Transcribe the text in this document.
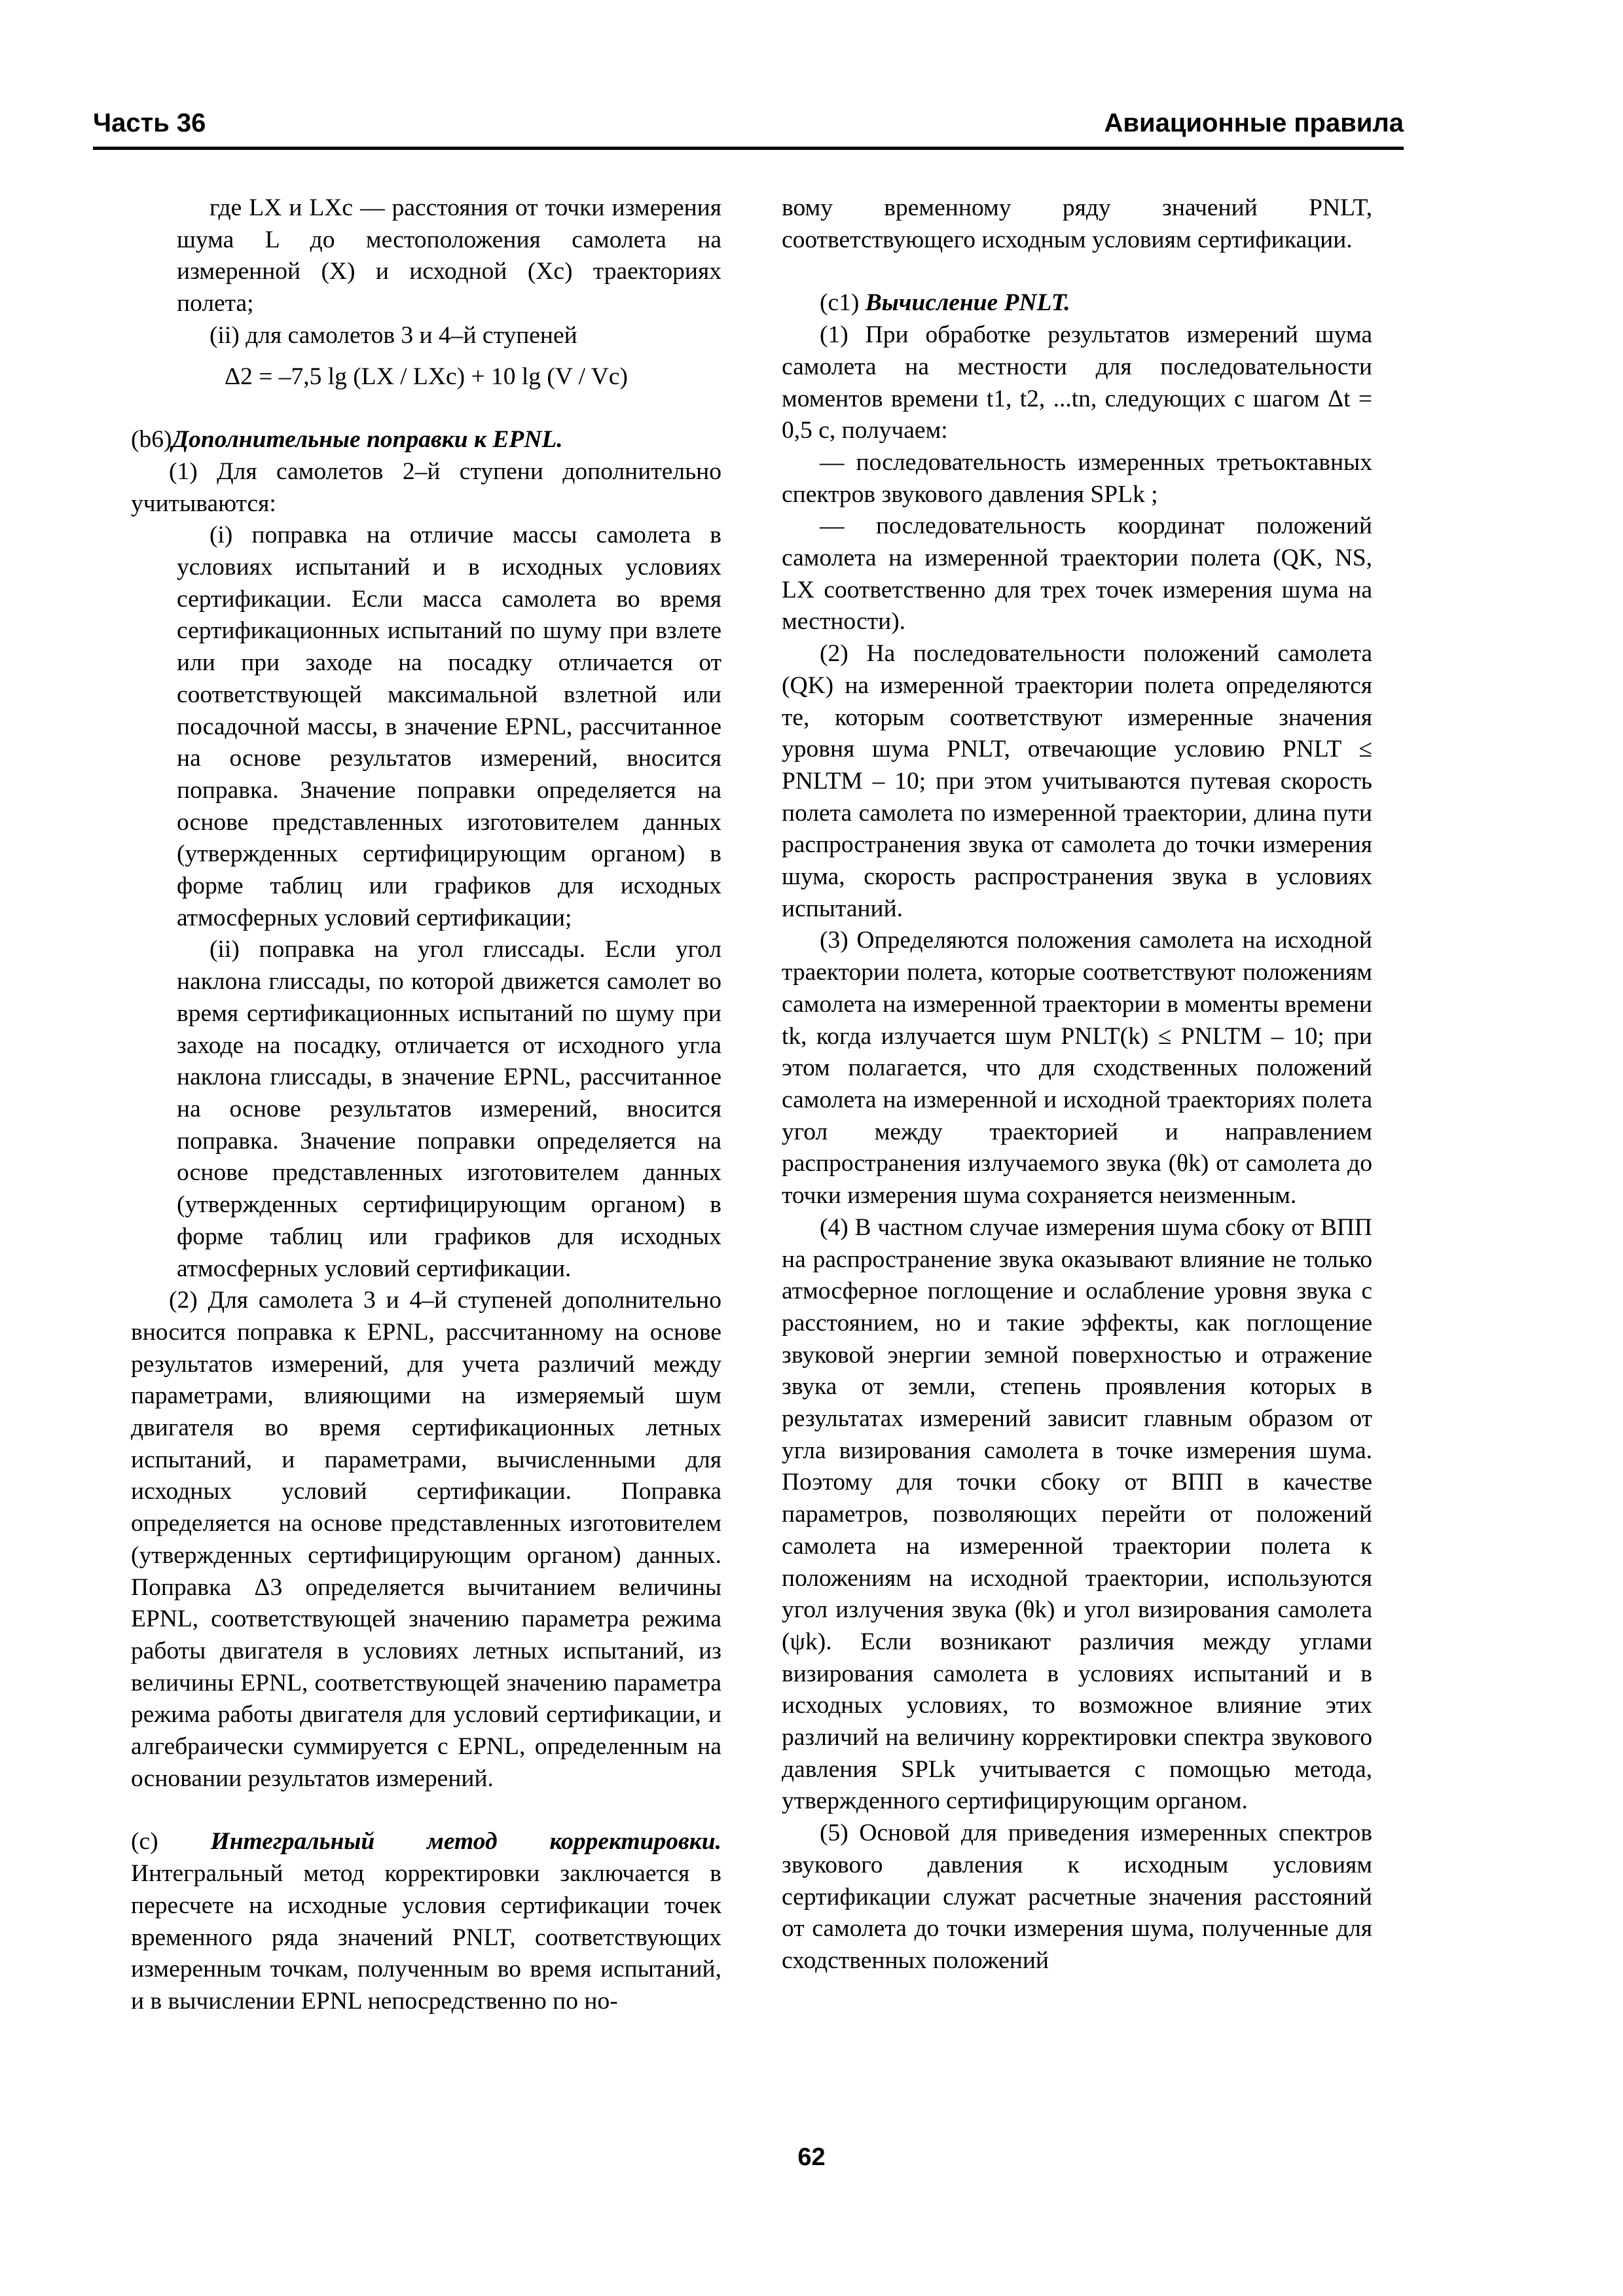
Часть 36	Авиационные правила

где LX и LXc — расстояния от точки измерения шума L до местоположения самолета на измеренной (X) и исходной (Xc) траекториях полета;

(ii) для самолетов 3 и 4–й ступеней

Δ2 = –7,5 lg (LX / LXc) + 10 lg (V / Vc)

(b6)Дополнительные поправки к EPNL.

(1) Для самолетов 2–й ступени дополнительно учитываются:

(i) поправка на отличие массы самолета в условиях испытаний и в исходных условиях сертификации. Если масса самолета во время сертификационных испытаний по шуму при взлете или при заходе на посадку отличается от соответствующей максимальной взлетной или посадочной массы, в значение EPNL, рассчитанное на основе результатов измерений, вносится поправка. Значение поправки определяется на основе представленных изготовителем данных (утвержденных сертифицирующим органом) в форме таблиц или графиков для исходных атмосферных условий сертификации;

(ii) поправка на угол глиссады. Если угол наклона глиссады, по которой движется самолет во время сертификационных испытаний по шуму при заходе на посадку, отличается от исходного угла наклона глиссады, в значение EPNL, рассчитанное на основе результатов измерений, вносится поправка. Значение поправки определяется на основе представленных изготовителем данных (утвержденных сертифицирующим органом) в форме таблиц или графиков для исходных атмосферных условий сертификации.

(2) Для самолета 3 и 4–й ступеней дополнительно вносится поправка к EPNL, рассчитанному на основе результатов измерений, для учета различий между параметрами, влияющими на измеряемый шум двигателя во время сертификационных летных испытаний, и параметрами, вычисленными для исходных условий сертификации. Поправка определяется на основе представленных изготовителем (утвержденных сертифицирующим органом) данных. Поправка Δ3 определяется вычитанием величины EPNL, соответствующей значению параметра режима работы двигателя в условиях летных испытаний, из величины EPNL, соответствующей значению параметра режима работы двигателя для условий сертификации, и алгебраически суммируется с EPNL, определенным на основании результатов измерений.

(c) Интегральный метод корректировки. Интегральный метод корректировки заключается в пересчете на исходные условия сертификации точек временного ряда значений PNLT, соответствующих измеренным точкам, полученным во время испытаний, и в вычислении EPNL непосредственно по но-

вому временному ряду значений PNLT, соответствующего исходным условиям сертификации.

(c1) Вычисление PNLT.

(1) При обработке результатов измерений шума самолета на местности для последовательности моментов времени t1, t2, ...tn, следующих с шагом Δt = 0,5 с, получаем:

— последовательность измеренных третьоктавных спектров звукового давления SPLk ;

— последовательность координат положений самолета на измеренной траектории полета (QK, NS, LX соответственно для трех точек измерения шума на местности).

(2) На последовательности положений самолета (QK) на измеренной траектории полета определяются те, которым соответствуют измеренные значения уровня шума PNLT, отвечающие условию PNLT ≤ PNLTM – 10; при этом учитываются путевая скорость полета самолета по измеренной траектории, длина пути распространения звука от самолета до точки измерения шума, скорость распространения звука в условиях испытаний.

(3) Определяются положения самолета на исходной траектории полета, которые соответствуют положениям самолета на измеренной траектории в моменты времени tk, когда излучается шум PNLT(k) ≤ PNLTM – 10; при этом полагается, что для сходственных положений самолета на измеренной и исходной траекториях полета угол между траекторией и направлением распространения излучаемого звука (θk) от самолета до точки измерения шума сохраняется неизменным.

(4) В частном случае измерения шума сбоку от ВПП на распространение звука оказывают влияние не только атмосферное поглощение и ослабление уровня звука с расстоянием, но и такие эффекты, как поглощение звуковой энергии земной поверхностью и отражение звука от земли, степень проявления которых в результатах измерений зависит главным образом от угла визирования самолета в точке измерения шума. Поэтому для точки сбоку от ВПП в качестве параметров, позволяющих перейти от положений самолета на измеренной траектории полета к положениям на исходной траектории, используются угол излучения звука (θk) и угол визирования самолета (ψk). Если возникают различия между углами визирования самолета в условиях испытаний и в исходных условиях, то возможное влияние этих различий на величину корректировки спектра звукового давления SPLk учитывается с помощью метода, утвержденного сертифицирующим органом.

(5) Основой для приведения измеренных спектров звукового давления к исходным условиям сертификации служат расчетные значения расстояний от самолета до точки измерения шума, полученные для сходственных положений

62
